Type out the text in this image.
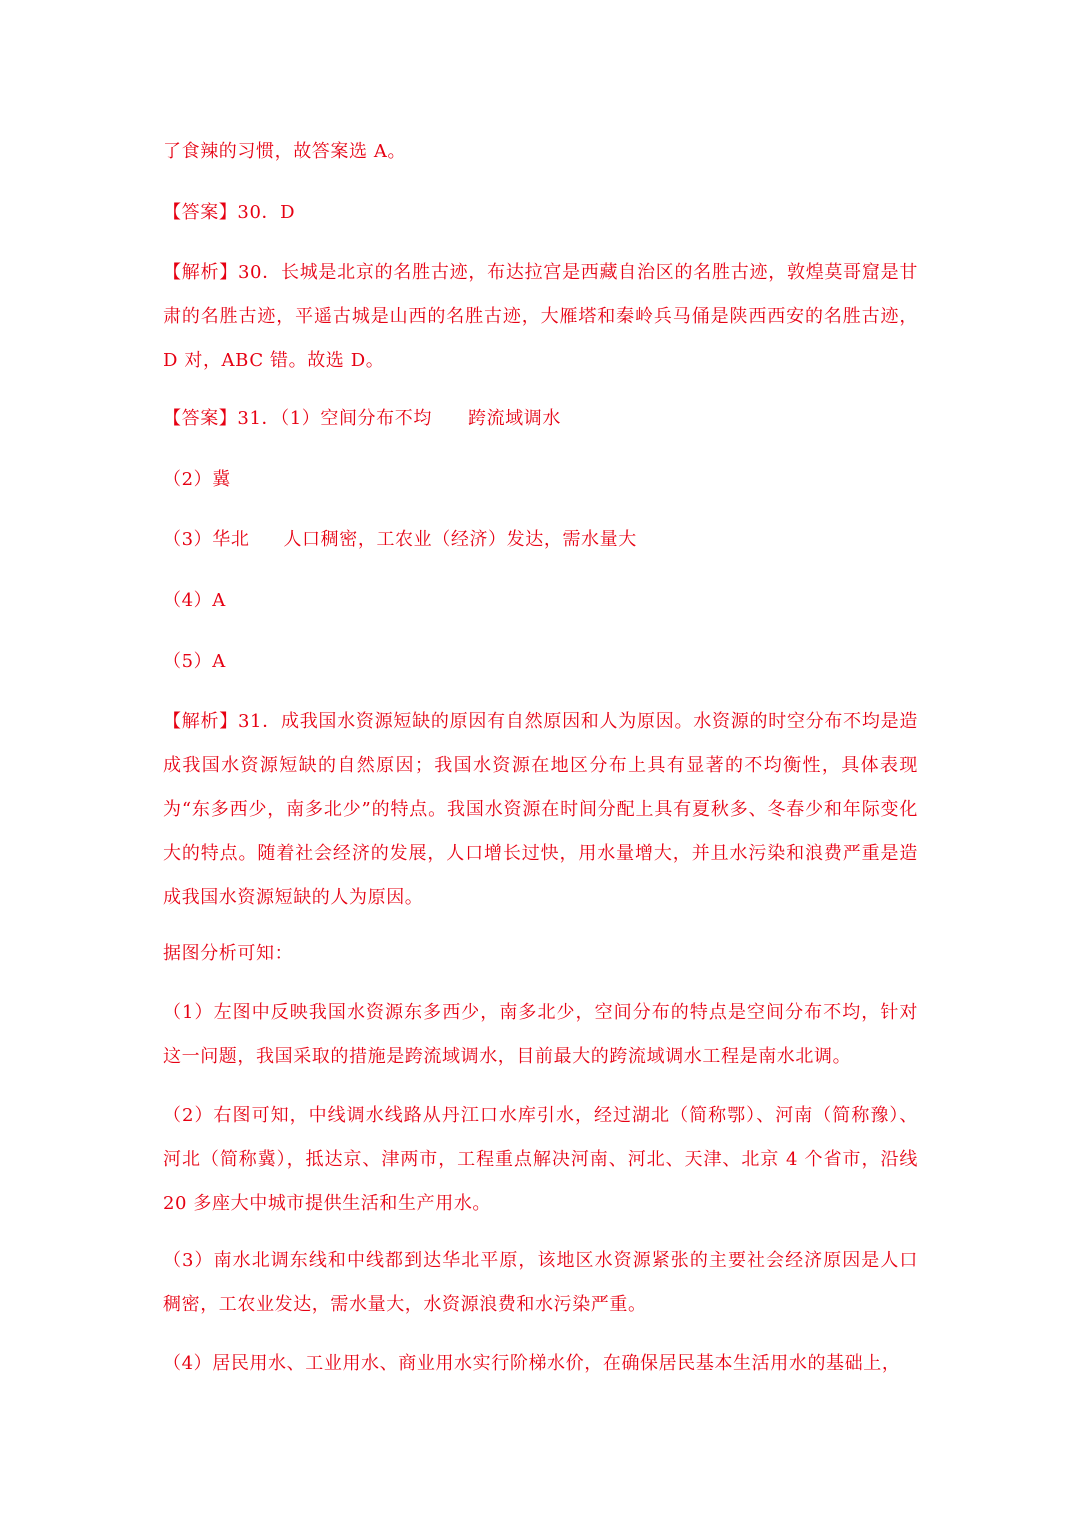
了食辣的习惯，故答案选 A。

【答案】30．D

【解析】30．长城是北京的名胜古迹，布达拉宫是西藏自治区的名胜古迹，敦煌莫哥窟是甘肃的名胜古迹，平遥古城是山西的名胜古迹，大雁塔和秦岭兵马俑是陕西西安的名胜古迹，D 对，ABC 错。故选 D。

【答案】31．（1）空间分布不均 跨流域调水

（2）冀

（3）华北 人口稠密，工农业（经济）发达，需水量大

（4）A

（5）A

【解析】31．成我国水资源短缺的原因有自然原因和人为原因。水资源的时空分布不均是造成我国水资源短缺的自然原因；我国水资源在地区分布上具有显著的不均衡性，具体表现为“东多西少，南多北少”的特点。我国水资源在时间分配上具有夏秋多、冬春少和年际变化大的特点。随着社会经济的发展，人口增长过快，用水量增大，并且水污染和浪费严重是造成我国水资源短缺的人为原因。

据图分析可知：

（1）左图中反映我国水资源东多西少，南多北少，空间分布的特点是空间分布不均，针对这一问题，我国采取的措施是跨流域调水，目前最大的跨流域调水工程是南水北调。

（2）右图可知，中线调水线路从丹江口水库引水，经过湖北（简称鄂）、河南（简称豫）、河北（简称冀），抵达京、津两市，工程重点解决河南、河北、天津、北京 4 个省市，沿线 20 多座大中城市提供生活和生产用水。

（3）南水北调东线和中线都到达华北平原，该地区水资源紧张的主要社会经济原因是人口稠密，工农业发达，需水量大，水资源浪费和水污染严重。

（4）居民用水、工业用水、商业用水实行阶梯水价，在确保居民基本生活用水的基础上，
